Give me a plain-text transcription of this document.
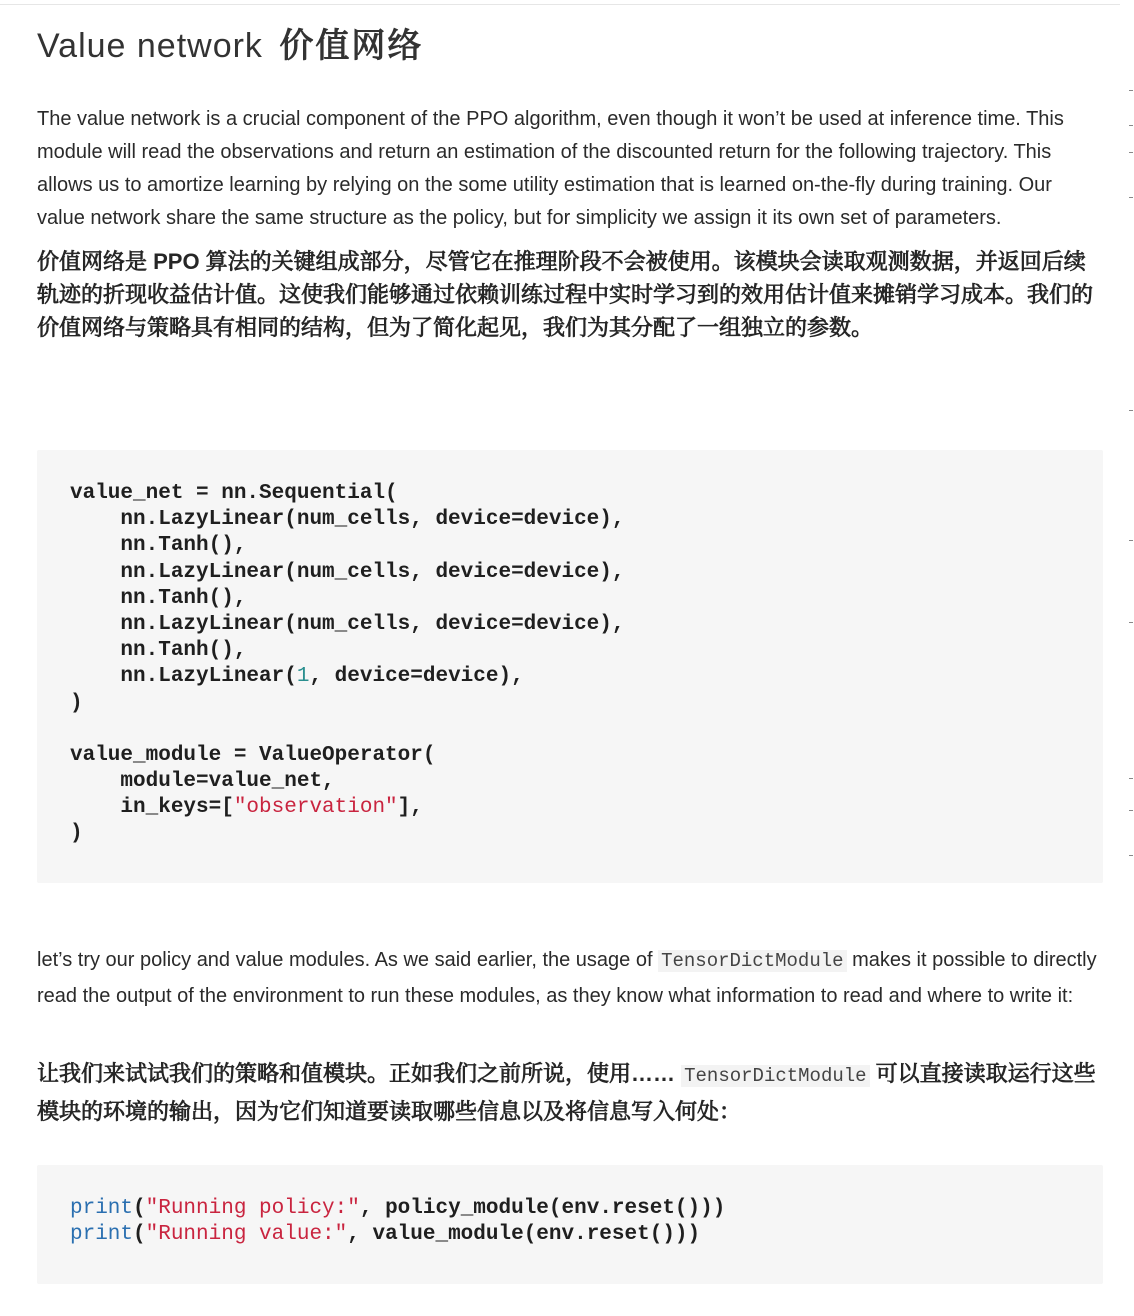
Value network 价值网络

The value network is a crucial component of the PPO algorithm, even though it won’t be used at inference time. This module will read the observations and return an estimation of the discounted return for the following trajectory. This allows us to amortize learning by relying on the some utility estimation that is learned on-the-fly during training. Our value network share the same structure as the policy, but for simplicity we assign it its own set of parameters.

价值网络是 PPO 算法的关键组成部分，尽管它在推理阶段不会被使用。该模块会读取观测数据，并返回后续轨迹的折现收益估计值。这使我们能够通过依赖训练过程中实时学习到的效用估计值来摊销学习成本。我们的价值网络与策略具有相同的结构，但为了简化起见，我们为其分配了一组独立的参数。

value_net = nn.Sequential(
nn.LazyLinear(num_cells, device=device),
nn.Tanh(),
nn.LazyLinear(num_cells, device=device),
nn.Tanh(),
nn.LazyLinear(num_cells, device=device),
nn.Tanh(),
nn.LazyLinear(1, device=device),
)

value_module = ValueOperator(
module=value_net,
in_keys=["observation"],
)

let’s try our policy and value modules. As we said earlier, the usage of TensorDictModule makes it possible to directly read the output of the environment to run these modules, as they know what information to read and where to write it:

让我们来试试我们的策略和值模块。正如我们之前所说，使用…… TensorDictModule 可以直接读取运行这些模块的环境的输出，因为它们知道要读取哪些信息以及将信息写入何处：

print("Running policy:", policy_module(env.reset()))
print("Running value:", value_module(env.reset()))
